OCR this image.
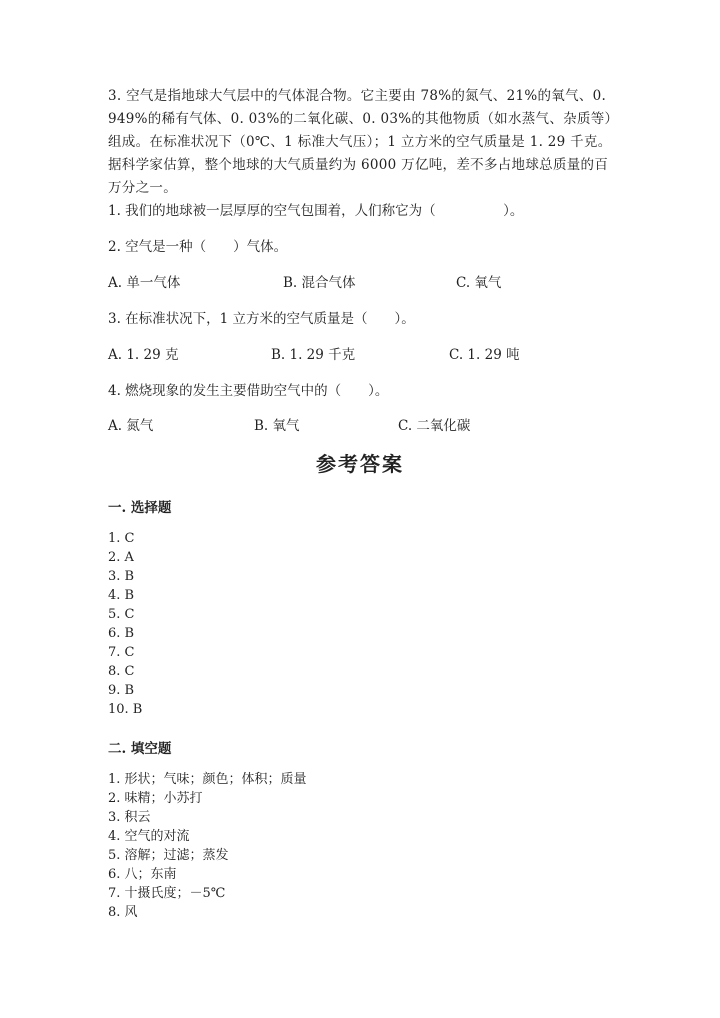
3. 空气是指地球大气层中的气体混合物。它主要由 78%的氮气、21%的氧气、0. 949%的稀有气体、0. 03%的二氧化碳、0. 03%的其他物质（如水蒸气、杂质等）组成。在标准状况下（0℃、1 标准大气压）；1 立方米的空气质量是 1. 29 千克。据科学家估算，整个地球的大气质量约为 6000 万亿吨，差不多占地球总质量的百万分之一。
1. 我们的地球被一层厚厚的空气包围着，人们称它为（　　　　　）。
2. 空气是一种（　　）气体。
A. 单一气体	B. 混合气体	C. 氧气
3. 在标准状况下，1 立方米的空气质量是（　　）。
A. 1. 29 克	B. 1. 29 千克	C. 1. 29 吨
4. 燃烧现象的发生主要借助空气中的（　　）。
A. 氮气	B. 氧气	C. 二氧化碳
参考答案
一. 选择题
1. C
2. A
3. B
4. B
5. C
6. B
7. C
8. C
9. B
10. B
二. 填空题
1. 形状；气味；颜色；体积；质量
2. 味精；小苏打
3. 积云
4. 空气的对流
5. 溶解；过滤；蒸发
6. 八；东南
7. 十摄氏度；－5℃
8. 风
